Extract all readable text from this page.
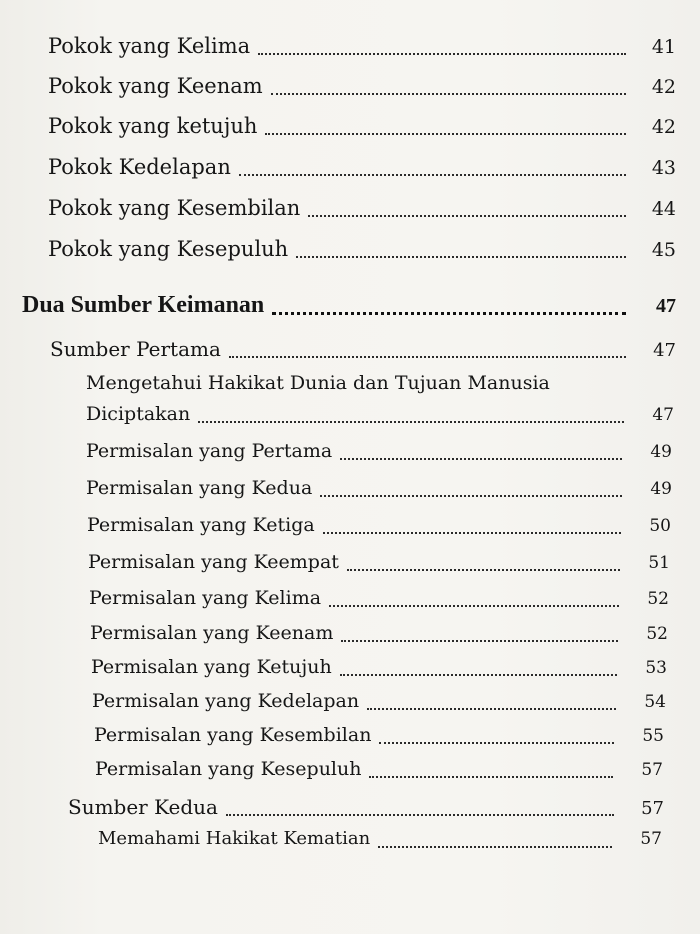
Pokok yang Kelima	41
Pokok yang Keenam	42
Pokok yang ketujuh	42
Pokok Kedelapan	43
Pokok yang Kesembilan	44
Pokok yang Kesepuluh	45
Dua Sumber Keimanan	47
Sumber Pertama	47
Mengetahui Hakikat Dunia dan Tujuan Manusia
Diciptakan	47
Permisalan yang Pertama	49
Permisalan yang Kedua	49
Permisalan yang Ketiga	50
Permisalan yang Keempat	51
Permisalan yang Kelima	52
Permisalan yang Keenam	52
Permisalan yang Ketujuh	53
Permisalan yang Kedelapan	54
Permisalan yang Kesembilan	55
Permisalan yang Kesepuluh	57
Sumber Kedua	57
Memahami Hakikat Kematian	57
